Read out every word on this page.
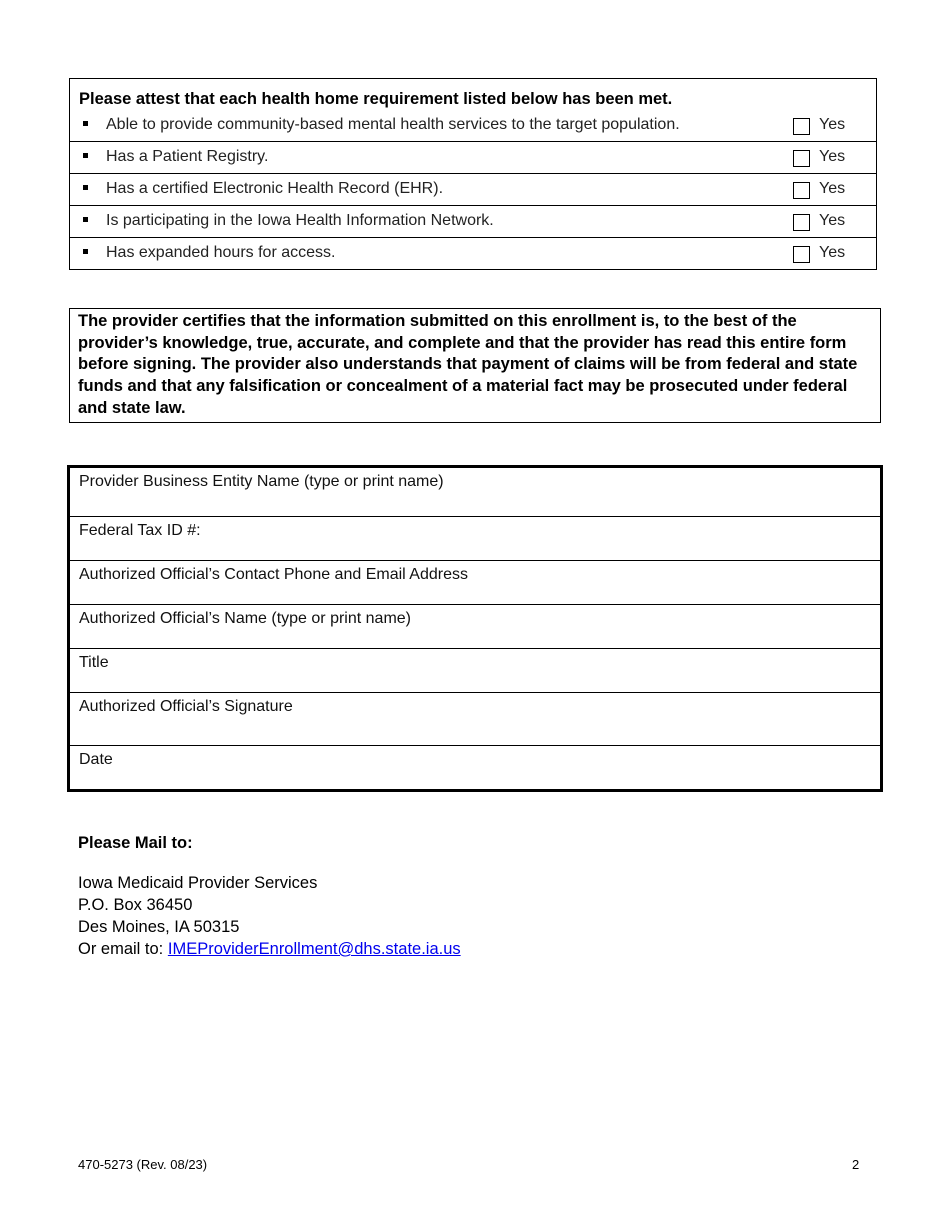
Please attest that each health home requirement listed below has been met.
Able to provide community-based mental health services to the target population.	Yes
Has a Patient Registry.	Yes
Has a certified Electronic Health Record (EHR).	Yes
Is participating in the Iowa Health Information Network.	Yes
Has expanded hours for access.	Yes
The provider certifies that the information submitted on this enrollment is, to the best of the provider’s knowledge, true, accurate, and complete and that the provider has read this entire form before signing. The provider also understands that payment of claims will be from federal and state funds and that any falsification or concealment of a material fact may be prosecuted under federal and state law.
Provider Business Entity Name (type or print name)
Federal Tax ID #:
Authorized Official’s Contact Phone and Email Address
Authorized Official’s Name (type or print name)
Title
Authorized Official’s Signature
Date
Please Mail to:
Iowa Medicaid Provider Services
P.O. Box 36450
Des Moines, IA 50315
Or email to: IMEProviderEnrollment@dhs.state.ia.us
470-5273 (Rev. 08/23)	2
